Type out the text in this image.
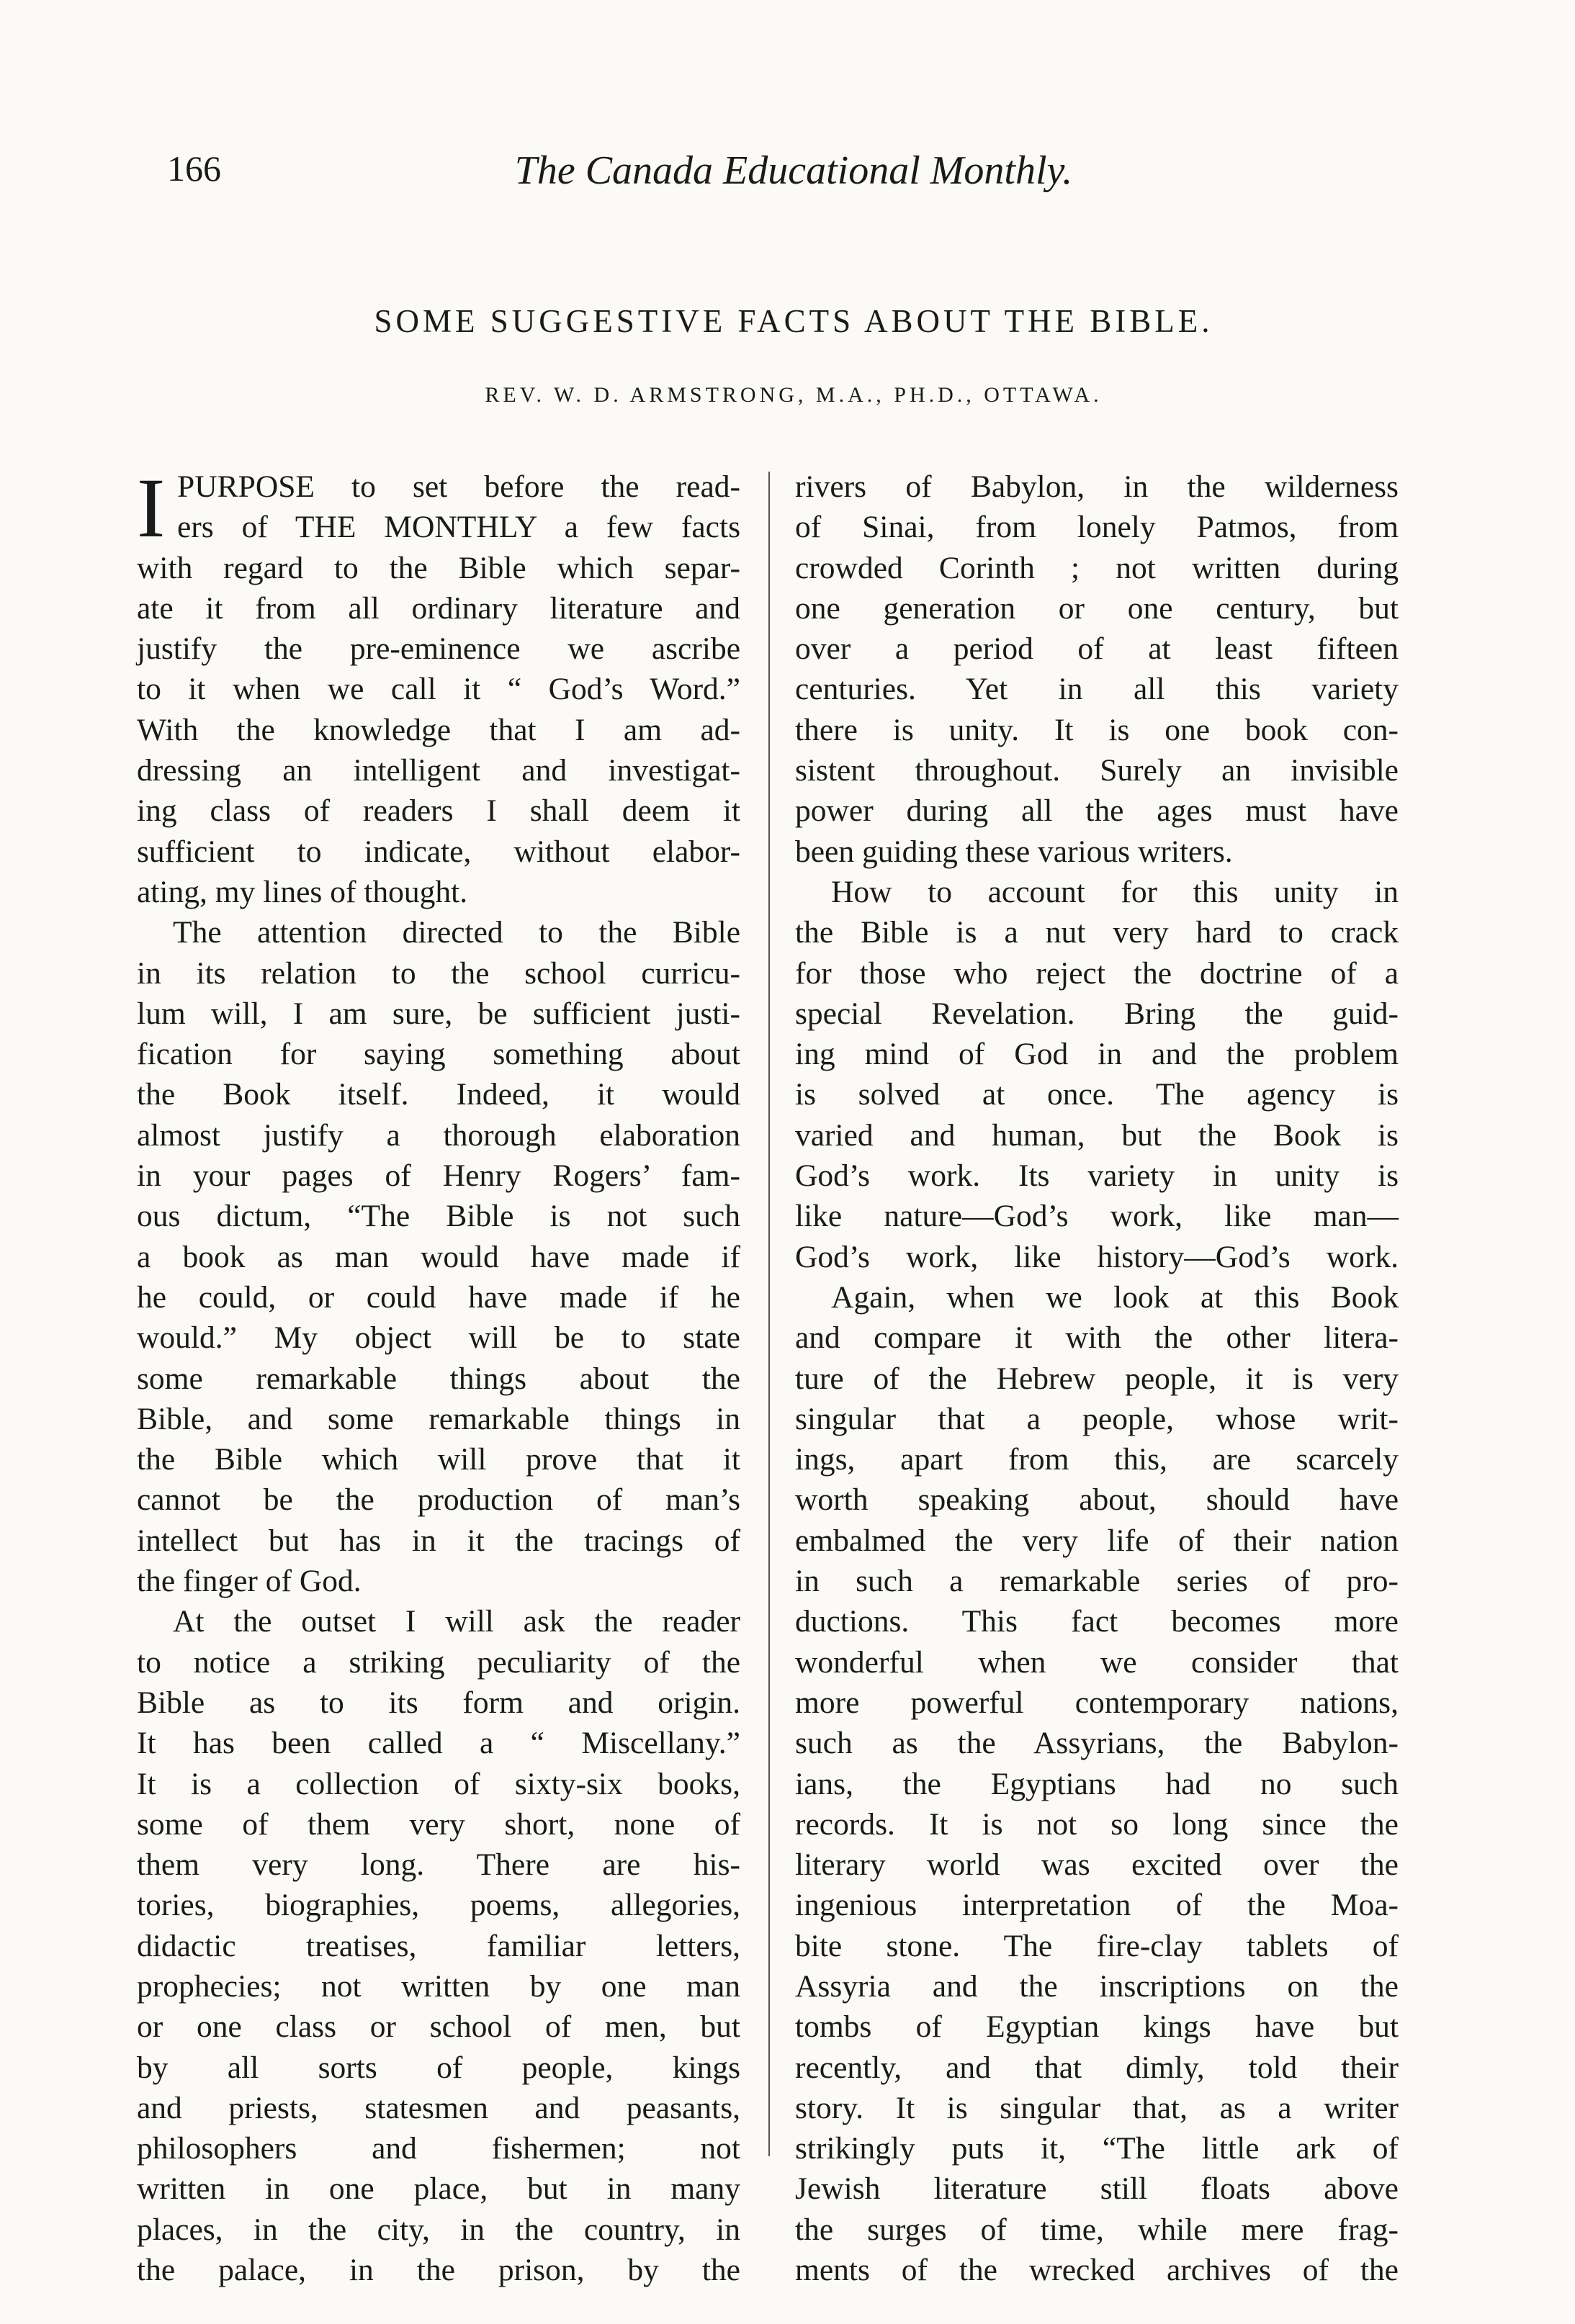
166	The Canada Educational Monthly.
SOME SUGGESTIVE FACTS ABOUT THE BIBLE.
REV. W. D. ARMSTRONG, M.A., PH.D., OTTAWA.
I PURPOSE to set before the read-
ers of THE MONTHLY a few facts
with regard to the Bible which separ-
ate it from all ordinary literature and
justify the pre-eminence we ascribe
to it when we call it “ God’s Word.”
With the knowledge that I am ad-
dressing an intelligent and investigat-
ing class of readers I shall deem it
sufficient to indicate, without elabor-
ating, my lines of thought.
The attention directed to the Bible
in its relation to the school curricu-
lum will, I am sure, be sufficient justi-
fication for saying something about
the Book itself. Indeed, it would
almost justify a thorough elaboration
in your pages of Henry Rogers’ fam-
ous dictum, “The Bible is not such
a book as man would have made if
he could, or could have made if he
would.” My object will be to state
some remarkable things about the
Bible, and some remarkable things in
the Bible which will prove that it
cannot be the production of man’s
intellect but has in it the tracings of
the finger of God.
At the outset I will ask the reader
to notice a striking peculiarity of the
Bible as to its form and origin.
It has been called a “ Miscellany.”
It is a collection of sixty-six books,
some of them very short, none of
them very long. There are his-
tories, biographies, poems, allegories,
didactic treatises, familiar letters,
prophecies; not written by one man
or one class or school of men, but
by all sorts of people, kings
and priests, statesmen and peasants,
philosophers and fishermen; not
written in one place, but in many
places, in the city, in the country, in
the palace, in the prison, by the
rivers of Babylon, in the wilderness
of Sinai, from lonely Patmos, from
crowded Corinth ; not written during
one generation or one century, but
over a period of at least fifteen
centuries. Yet in all this variety
there is unity. It is one book con-
sistent throughout. Surely an invisible
power during all the ages must have
been guiding these various writers.
How to account for this unity in
the Bible is a nut very hard to crack
for those who reject the doctrine of a
special Revelation. Bring the guid-
ing mind of God in and the problem
is solved at once. The agency is
varied and human, but the Book is
God’s work. Its variety in unity is
like nature—God’s work, like man—
God’s work, like history—God’s work.
Again, when we look at this Book
and compare it with the other litera-
ture of the Hebrew people, it is very
singular that a people, whose writ-
ings, apart from this, are scarcely
worth speaking about, should have
embalmed the very life of their nation
in such a remarkable series of pro-
ductions. This fact becomes more
wonderful when we consider that
more powerful contemporary nations,
such as the Assyrians, the Babylon-
ians, the Egyptians had no such
records. It is not so long since the
literary world was excited over the
ingenious interpretation of the Moa-
bite stone. The fire-clay tablets of
Assyria and the inscriptions on the
tombs of Egyptian kings have but
recently, and that dimly, told their
story. It is singular that, as a writer
strikingly puts it, “The little ark of
Jewish literature still floats above
the surges of time, while mere frag-
ments of the wrecked archives of the
